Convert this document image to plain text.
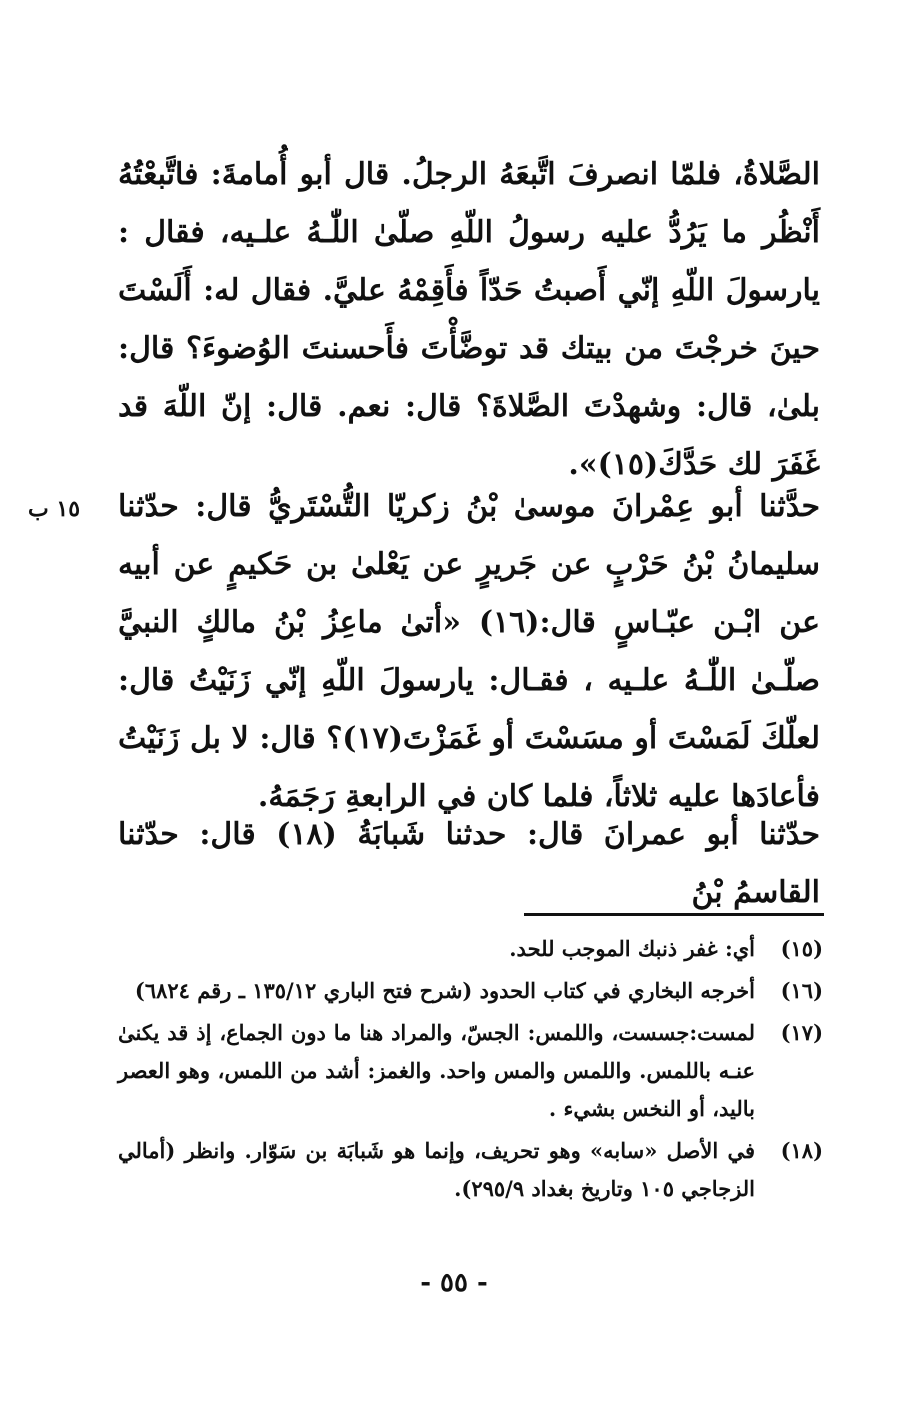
الصَّلاةُ، فلمّا انصرفَ اتَّبعَهُ الرجلُ. قال أبو أُمامةَ: فاتَّبعْتُهُ أَنْظُر ما يَرُدُّ عليه رسولُ اللّهِ صلّىٰ اللّٰـهُ علـيه، فقال : يارسولَ اللّهِ إنّي أَصبتُ حَدّاً فأَقِمْهُ عليَّ. فقال له: أَلَسْتَ حينَ خرجْتَ من بيتك قد توضَّأْتَ فأَحسنتَ الوُضوءَ؟ قال: بلىٰ، قال: وشهدْتَ الصَّلاةَ؟ قال: نعم. قال: إنّ اللّهَ قد غَفَرَ لك حَدَّكَ(١٥)».

١٥ ب	حدَّثنا أبو عِمْرانَ موسىٰ بْنُ زكريّا التُّسْتَريُّ قال: حدّثنا سليمانُ بْنُ حَرْبٍ عن جَريرٍ عن يَعْلىٰ بن حَكيمٍ عن أبيه عن ابْـن عبّـاسٍ قال:(١٦) «أتىٰ ماعِزُ بْنُ مالكٍ النبيَّ صلّـىٰ اللّٰـهُ علـيه ، فقـال: يارسولَ اللّهِ إنّي زَنَيْتُ قال: لعلّكَ لَمَسْتَ أو مسَسْتَ أو غَمَزْتَ(١٧)؟ قال: لا بل زَنَيْتُ فأعادَها عليه ثلاثاً، فلما كان في الرابعةِ رَجَمَهُ.

حدّثنا أبو عمرانَ قال: حدثنا شَبابَةُ (١٨) قال: حدّثنا القاسمُ بْنُ

(١٥)
أي: غفر ذنبك الموجب للحد.
(١٦)
أخرجه البخاري في كتاب الحدود (شرح فتح الباري ١٣٥/١٢ ـ رقم ٦٨٢٤)
(١٧)
لمست:جسست، واللمس: الجسّ، والمراد هنا ما دون الجماع، إذ قد يكنىٰ عنـه باللمس. واللمس والمس واحد. والغمز: أشد من اللمس، وهو العصر باليد، أو النخس بشيء .
(١٨)
في الأصل «سابه» وهو تحريف، وإنما هو شَبابَة بن سَوّار. وانظر (أمالي الزجاجي ١٠٥ وتاريخ بغداد ٢٩٥/٩).
- ٥٥ -
